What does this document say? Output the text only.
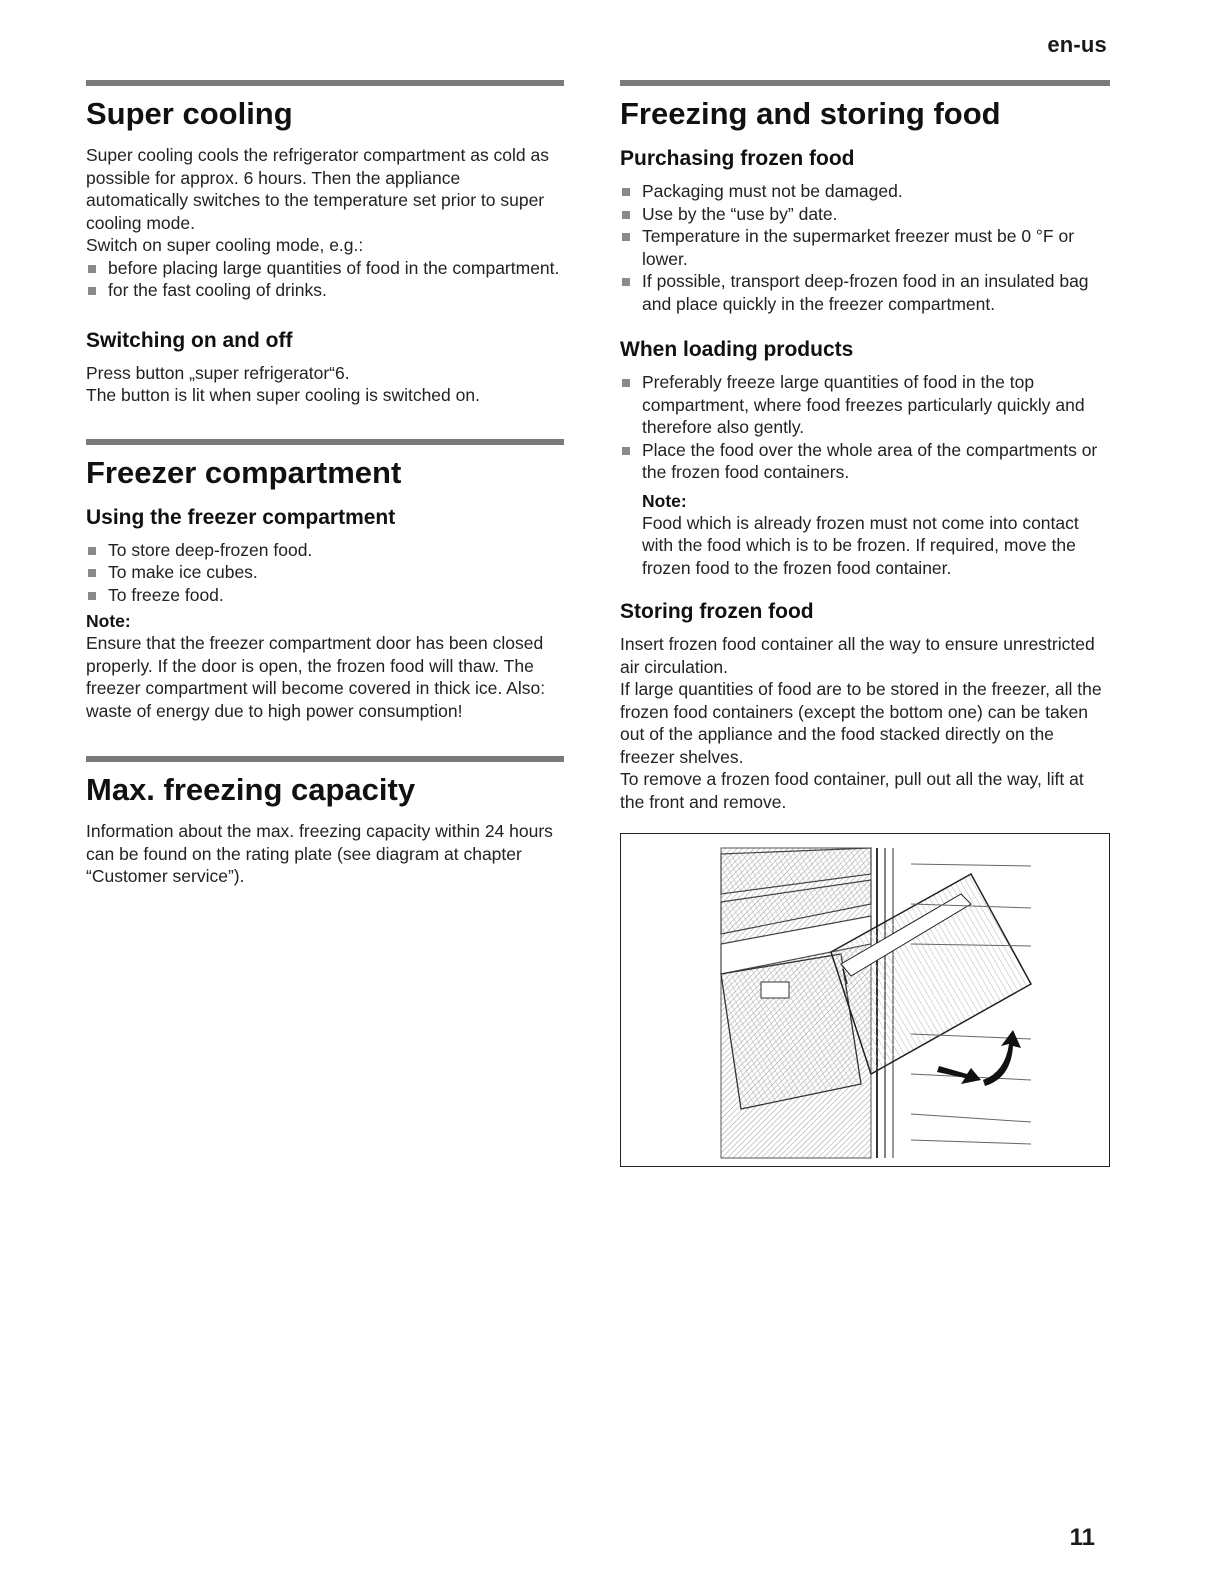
en-us
Super cooling

Super cooling cools the refrigerator compartment as cold as possible for approx. 6 hours. Then the appliance automatically switches to the temperature set prior to super cooling mode.

Switch on super cooling mode, e.g.:

before placing large quantities of food in the compartment.
for the fast cooling of drinks.
Switching on and off

Press button „super refrigerator“6.

The button is lit when super cooling is switched on.

Freezer compartment
Using the freezer compartment
To store deep-frozen food.
To make ice cubes.
To freeze food.
Note:

Ensure that the freezer compartment door has been closed properly. If the door is open, the frozen food will thaw. The freezer compartment will become covered in thick ice. Also: waste of energy due to high power consumption!

Max. freezing capacity

Information about the max. freezing capacity within 24 hours can be found on the rating plate (see diagram at chapter “Customer service”).

Freezing and storing food
Purchasing frozen food
Packaging must not be damaged.
Use by the “use by” date.
Temperature in the supermarket freezer must be 0 °F or lower.
If possible, transport deep-frozen food in an insulated bag and place quickly in the freezer compartment.
When loading products
Preferably freeze large quantities of food in the top compartment, where food freezes particularly quickly and therefore also gently.
Place the food over the whole area of the compartments or the frozen food containers.
Note:

Food which is already frozen must not come into contact with the food which is to be frozen. If required, move the frozen food to the frozen food container.

Storing frozen food

Insert frozen food container all the way to ensure unrestricted air circulation.

If large quantities of food are to be stored in the freezer, all the frozen food containers (except the bottom one) can be taken out of the appliance and the food stacked directly on the freezer shelves.

To remove a frozen food container, pull out all the way, lift at the front and remove.

11
